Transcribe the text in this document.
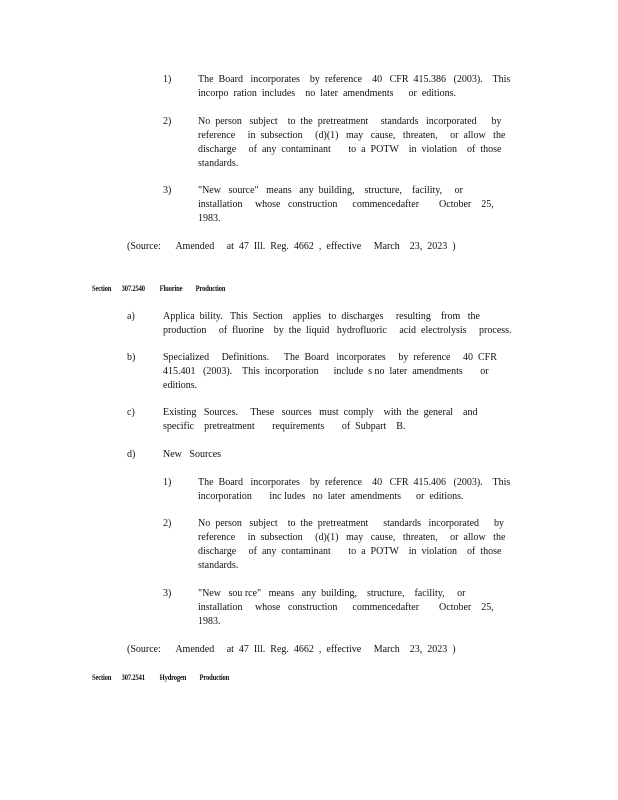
1)	The  Board   incorporates    by  reference    40   CFR  415.386   (2003).    This
incorpo  ration  includes    no  later  amendments      or  editions.
2)	No  person   subject    to  the  pretreatment     standards   incorporated      by
reference     in  subsection     (d)(1)   may   cause,   threaten,     or  allow   the
discharge     of  any  contaminant       to  a  POTW    in  violation    of  those
standards.
3)	"New   source"   means   any  building,    structure,    facility,     or
installation     whose   construction      commencedafter        October    25,
1983.
(Source:      Amended     at  47  Ill.  Reg.  4662  ,  effective     March    23,  2023  )
Section       307.2540          Fluorine         Production
a)	Applica  bility.   This  Section    applies   to  discharges     resulting    from   the
production     of  fluorine    by  the  liquid   hydrofluoric     acid  electrolysis     process.
b)	Specialized     Definitions.      The  Board   incorporates     by  reference     40  CFR
415.401   (2003).    This  incorporation      include  s no  later  amendments       or
editions.
c)	Existing   Sources.     These   sources   must  comply    with  the  general    and
specific    pretreatment       requirements       of  Subpart    B.
d)	New   Sources
1)	The  Board   incorporates    by  reference    40   CFR  415.406   (2003).    This
incorporation       inc ludes   no  later  amendments      or  editions.
2)	No  person   subject    to  the  pretreatment      standards   incorporated      by
reference     in  subsection     (d)(1)   may   cause,   threaten,     or  allow   the
discharge     of  any  contaminant       to  a  POTW    in  violation    of  those
standards.
3)	"New   sou rce"   means   any  building,    structure,    facility,     or
installation     whose   construction      commencedafter        October    25,
1983.
(Source:      Amended     at  47  Ill.  Reg.  4662  ,  effective     March    23,  2023  )
Section       307.2541          Hydrogen         Production
